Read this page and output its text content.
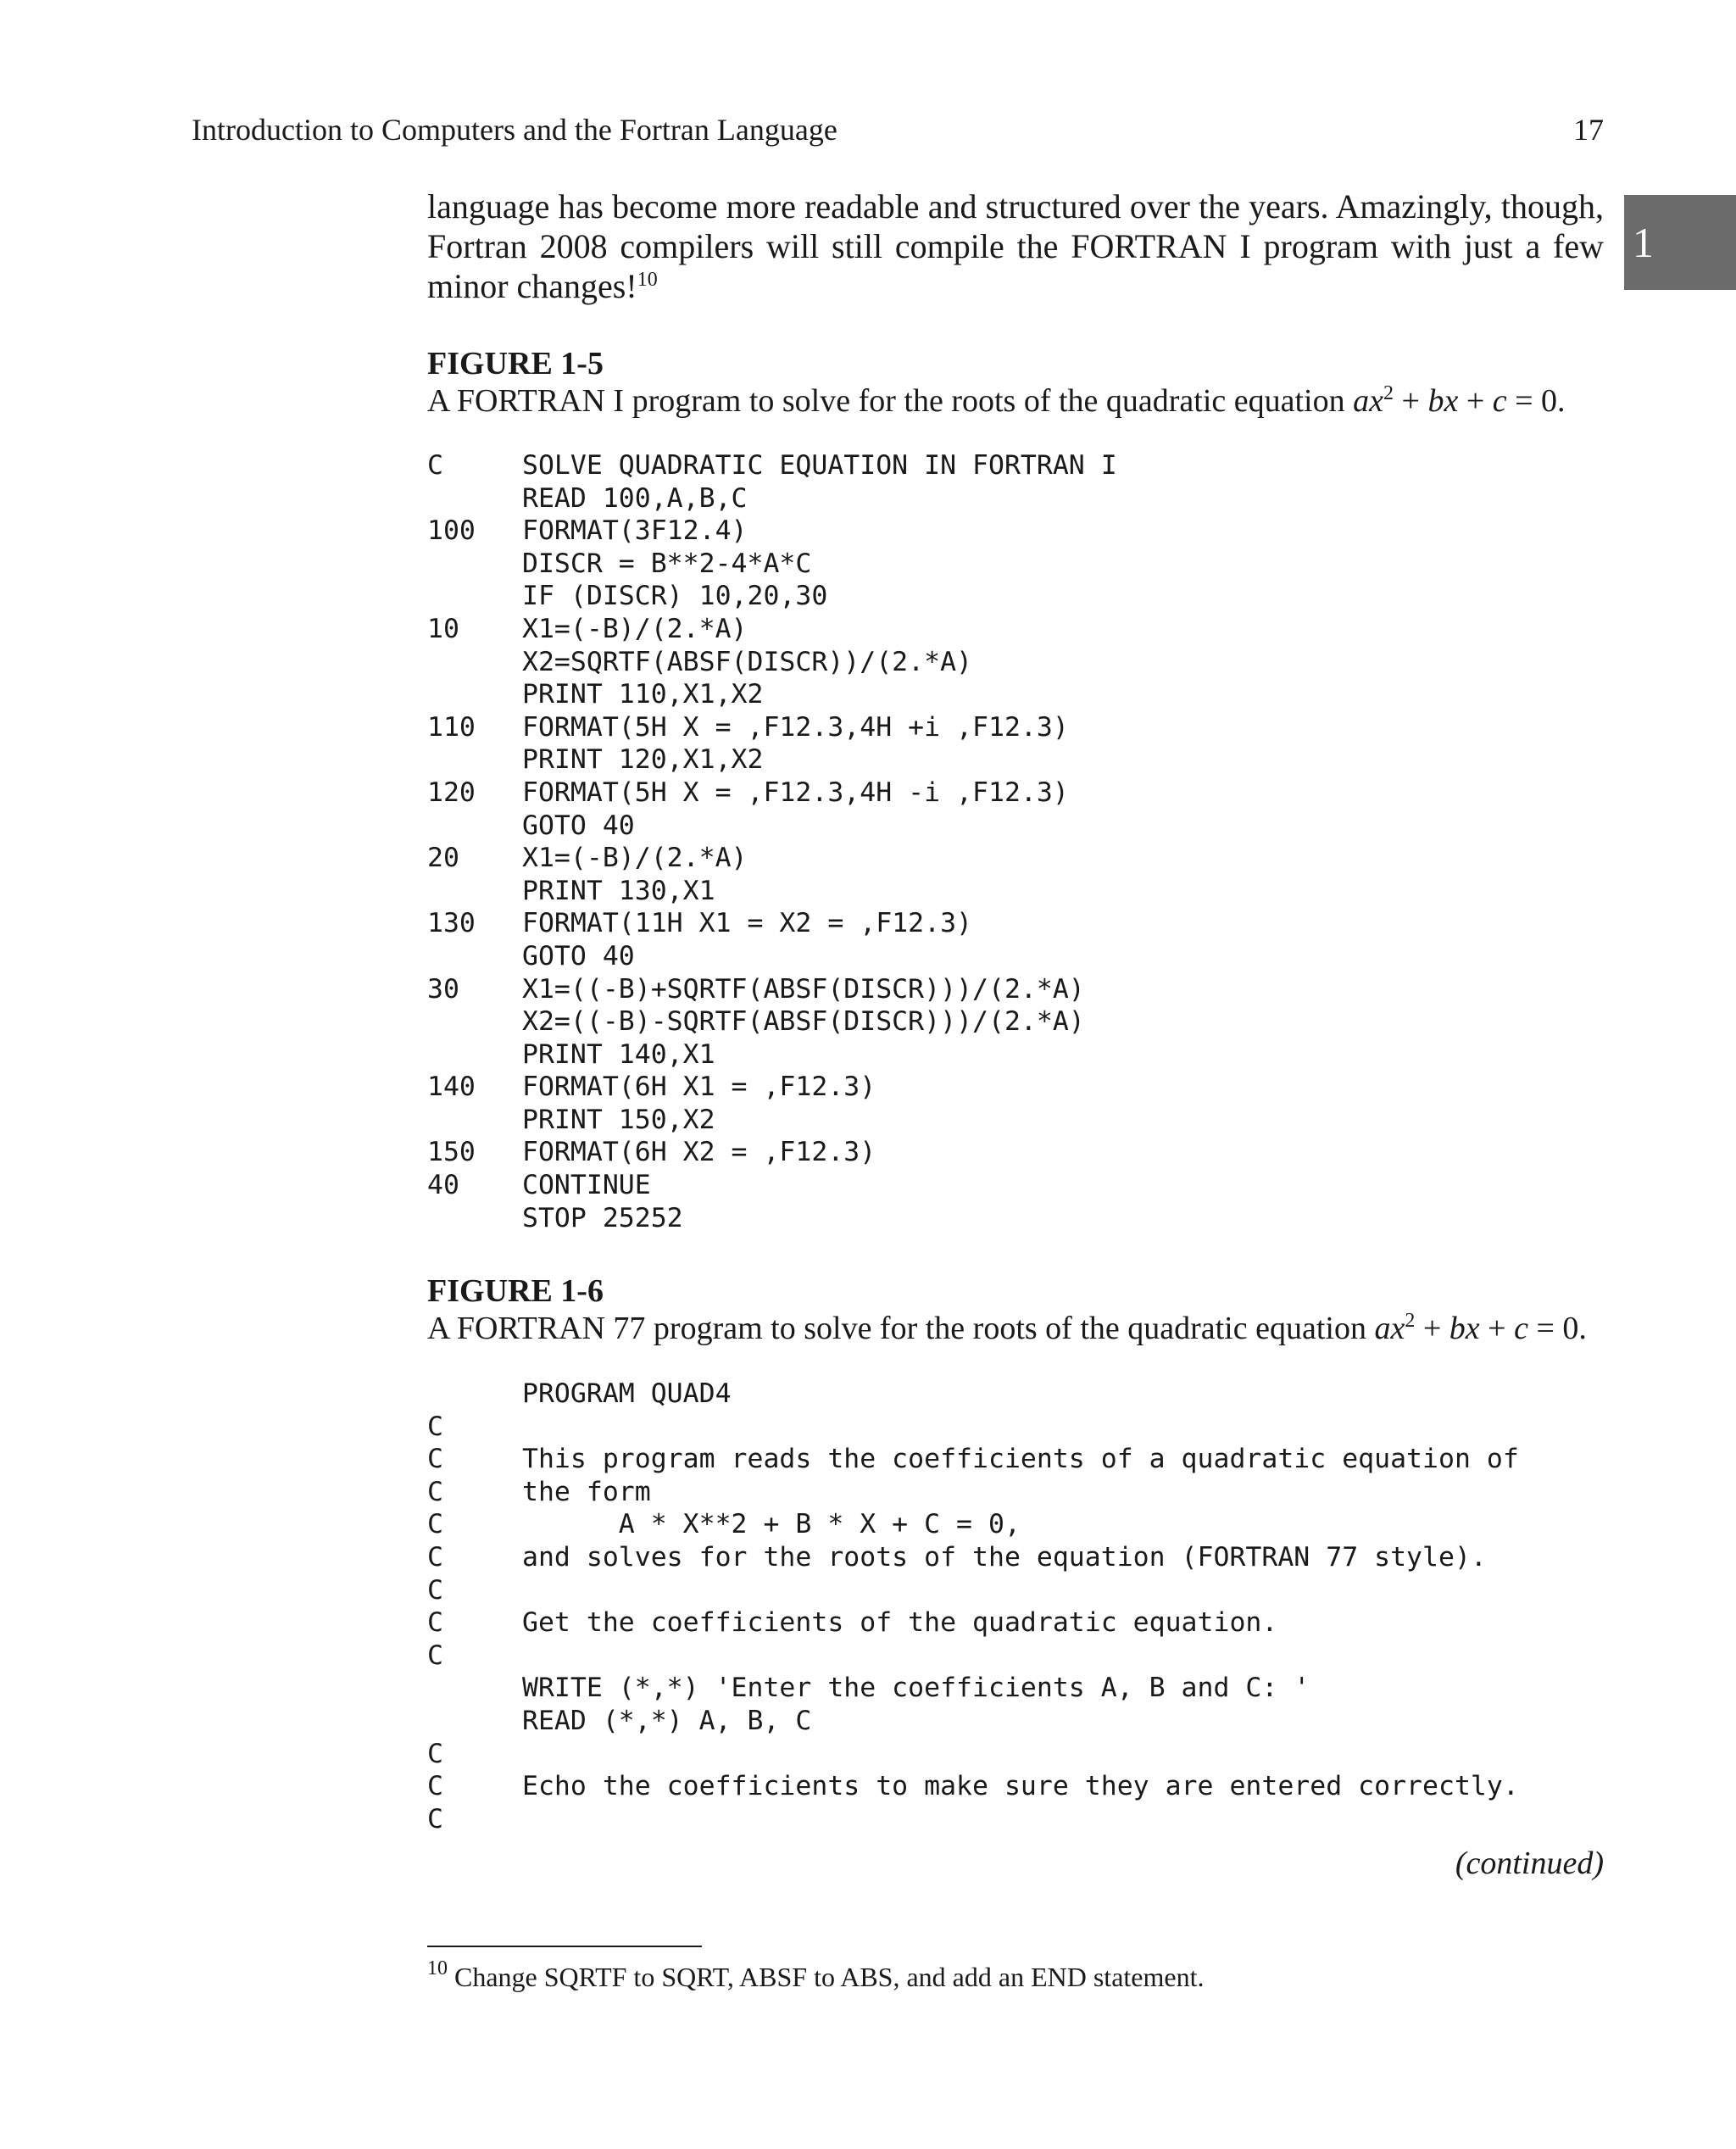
Introduction to Computers and the Fortran Language	17
1
language has become more readable and structured over the years. Amazingly, though, Fortran 2008 compilers will still compile the FORTRAN I program with just a few minor changes!$^{10}$
FIGURE 1-5
A FORTRAN I program to solve for the roots of the quadratic equation $ax^2$ + bx + c = 0.
C	SOLVE QUADRATIC EQUATION IN FORTRAN I
READ 100,A,B,C
100 FORMAT(3F12.4)
DISCR = B**2-4*A*C
IF (DISCR) 10,20,30
10 X1=(-B)/(2.*A)
X2=SQRTF(ABSF(DISCR))/(2.*A)
PRINT 110,X1,X2
110 FORMAT(5H X = ,F12.3,4H +i ,F12.3)
PRINT 120,X1,X2
120 FORMAT(5H X = ,F12.3,4H -i ,F12.3)
GOTO 40
20 X1=(-B)/(2.*A)
PRINT 130,X1
130 FORMAT(11H X1 = X2 = ,F12.3)
GOTO 40
30 X1=((-B)+SQRTF(ABSF(DISCR)))/(2.*A)
X2=((-B)-SQRTF(ABSF(DISCR)))/(2.*A)
PRINT 140,X1
140 FORMAT(6H X1 = ,F12.3)
PRINT 150,X2
150 FORMAT(6H X2 = ,F12.3)
40 CONTINUE
STOP 25252
FIGURE 1-6
A FORTRAN 77 program to solve for the roots of the quadratic equation $ax^2$ + bx + c = 0.
PROGRAM QUAD4
C
C	This program reads the coefficients of a quadratic equation of
C	the form
C	A * X**2 + B * X + C = 0,
C	and solves for the roots of the equation (FORTRAN 77 style).
C
C	Get the coefficients of the quadratic equation.
C
WRITE (*,*) 'Enter the coefficients A, B and C: '
READ (*,*) A, B, C
C
C	Echo the coefficients to make sure they are entered correctly.
C
(continued)
$^{10}$ Change SQRTF to SQRT, ABSF to ABS, and add an END statement.
